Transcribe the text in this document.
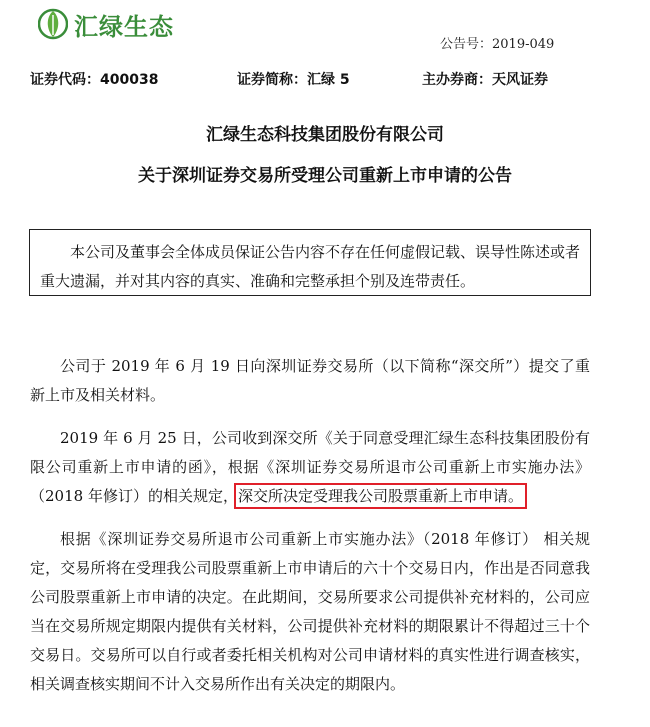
汇绿生态
公告号：2019-049
证券代码：400038	证券简称：汇绿 5	主办券商：天风证券
汇绿生态科技集团股份有限公司
关于深圳证券交易所受理公司重新上市申请的公告
本公司及董事会全体成员保证公告内容不存在任何虚假记载、误导性陈述或者重大遗漏，并对其内容的真实、准确和完整承担个别及连带责任。

公司于 2019 年 6 月 19 日向深圳证券交易所（以下简称“深交所”）提交了重新上市及相关材料。

2019 年 6 月 25 日，公司收到深交所《关于同意受理汇绿生态科技集团股份有限公司重新上市申请的函》，根据《深圳证券交易所退市公司重新上市实施办法》（2018 年修订）的相关规定，深交所决定受理我公司股票重新上市申请。

根据《深圳证券交易所退市公司重新上市实施办法》（2018 年修订） 相关规定，交易所将在受理我公司股票重新上市申请后的六十个交易日内，作出是否同意我公司股票重新上市申请的决定。在此期间，交易所要求公司提供补充材料的，公司应当在交易所规定期限内提供有关材料，公司提供补充材料的期限累计不得超过三十个交易日。交易所可以自行或者委托相关机构对公司申请材料的真实性进行调查核实，相关调查核实期间不计入交易所作出有关决定的期限内。
